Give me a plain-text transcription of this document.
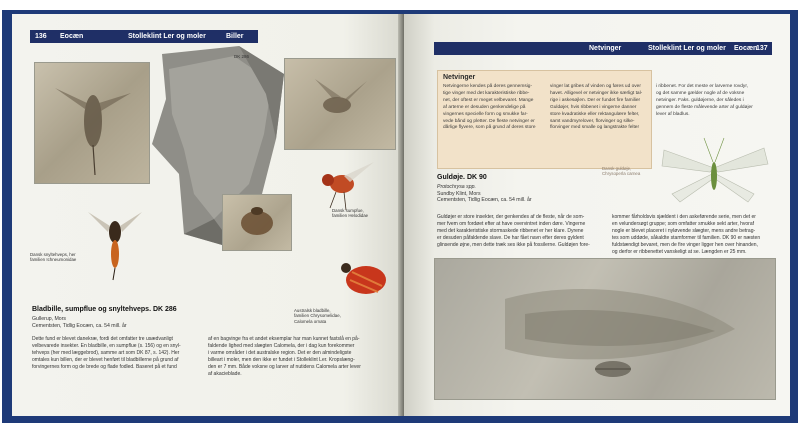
136 Eocæn	Stolleklint Ler og moler	Biller
DK 286
Dansk snyltehveps, her
familien Ichneumonidae
Dansk sumpfue,
familien Helodidae
Australsk bladbille,
familien Chrysomelidae,
Calomela ornata
Bladbille, sumpflue og snyltehveps. DK 286
Gullerup, Mors
Cementsten, Tidlig Eocæn, ca. 54 mill. år
Dette fund er blevet danekræ, fordi det omfatter tre usædvanligt
velbevarede insekter. En bladbille, en sumpflue (s. 156) og en snyl-
tehveps (her med læggebrod), samme art som DK 87, s. 142). Her
omtales kun billen, der er blevet henført til bladbillerne på grund af
forvingernes form og de brede og flade fodled. Baseret på et fund
af en bagvinge fra et andet eksemplar har man kunnet fastslå en på-
faldende lighed med slægten Calomela, der i dag kun forekommer
i varme områder i det australske region. Det er den almindeligste
billeart i moler, men den ikke er fundet i Stolleklint Ler. Kropslæng-
den er 7 mm. Både voksne og larver af nutidens Calomela arter lever
af akacieblade.
Netvinger	Stolleklint Ler og moler Eocæn
137
Netvinger
Netvingerne kendes på deres gennemsig-
tige vinger med det karakteristiske ribbe-
net, der oftest er meget velbevaret. Mange
af arterne er desuden genkendelige på
vingernes specielle form og smukke far-
vede bånd og pletter. De fleste netvinger er
dårlige flyvere, som på grund af deres store
vinger lat gribes af vinden og føres ud over
havet. Alligevel er netvinger ikke særligt tal-
rige i askesøjlen. Der er fundet fire familier
Guldøjer, hvis ribbenet i vingerne danner
store kvadratiske eller rektangulære felter,
samt vandmyrelover, florvinger og silke-
florvinger med smalle og langstrakte felter
i ribbenet. For det meste er larverne rovdyr,
og det samme gælder nogle af de voksne
netvinger. Faks. guldøjerne, der således i
gennem de fleste målevende arter af guldøjer
lever af bladlus.
Dansk guldøje,
Chrysoperla carnea
Guldøje. DK 90
Protochrysa spp.
Sundby Klint, Mors
Cementsten, Tidlig Eocæn, ca. 54 mill. år
Guldøjer er store insekter, der genkendes af de fleste, når de som-
mer fvem om fordøet efter at have overvintret inden døre. Vingerne
med det karakteristiske stormaskede ribbenet er her klare. Dyrene
er desuden påfaldende slave. De har fået navn efter deres gyldent
glinsende øjne, men dette træk ses ikke på fossilerne. Guldøjen fore-
kommer fårholdsvis sjældent i den askeførende serie, men det er
en velundersøgt gruppe; som omfatter smukke sekt arter, hvoraf
nogle er blevet placeret i nyløvende slægter, mens andre betrag-
tes som uddøde, såkaldte stamformer til familien. DK 90 er næsten
fuldstændigt bevaret, men de fire vinger ligger hen over hinanden,
og derfor er ribbenettet vanskeligt at se. Længden er 25 mm.
